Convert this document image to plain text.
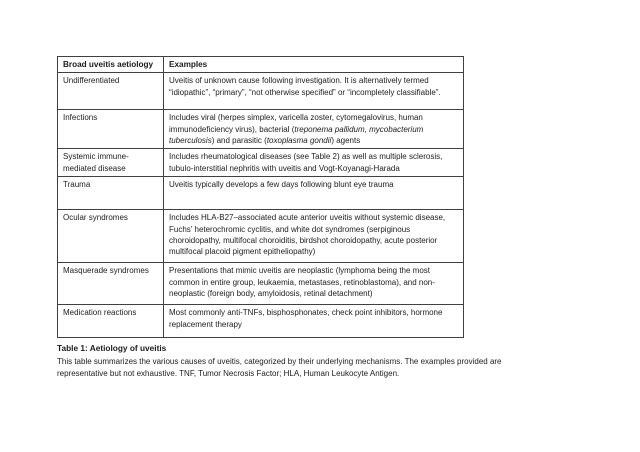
Broad uveitis aetiology	Examples
Undifferentiated	Uveitis of unknown cause following investigation. It is alternatively termed “idiopathic”, “primary”, “not otherwise specified” or “incompletely classifiable”.
Infections	Includes viral (herpes simplex, varicella zoster, cytomegalovirus, human immunodeficiency virus), bacterial (treponema pallidum, mycobacterium tuberculosis) and parasitic (toxoplasma gondii) agents
Systemic immune-mediated disease	Includes rheumatological diseases (see Table 2) as well as multiple sclerosis, tubulo-interstitial nephritis with uveitis and Vogt-Koyanagi-Harada
Trauma	Uveitis typically develops a few days following blunt eye trauma
Ocular syndromes	Includes HLA-B27–associated acute anterior uveitis without systemic disease, Fuchs’ heterochromic cyclitis, and white dot syndromes (serpiginous choroidopathy, multifocal choroiditis, birdshot choroidopathy, acute posterior multifocal placoid pigment epitheliopathy)
Masquerade syndromes	Presentations that mimic uveitis are neoplastic (lymphoma being the most common in entire group, leukaemia, metastases, retinoblastoma), and non-neoplastic (foreign body, amyloidosis, retinal detachment)
Medication reactions	Most commonly anti-TNFs, bisphosphonates, check point inhibitors, hormone replacement therapy
Table 1: Aetiology of uveitis
This table summarizes the various causes of uveitis, categorized by their underlying mechanisms. The examples provided are representative but not exhaustive. TNF, Tumor Necrosis Factor; HLA, Human Leukocyte Antigen.
